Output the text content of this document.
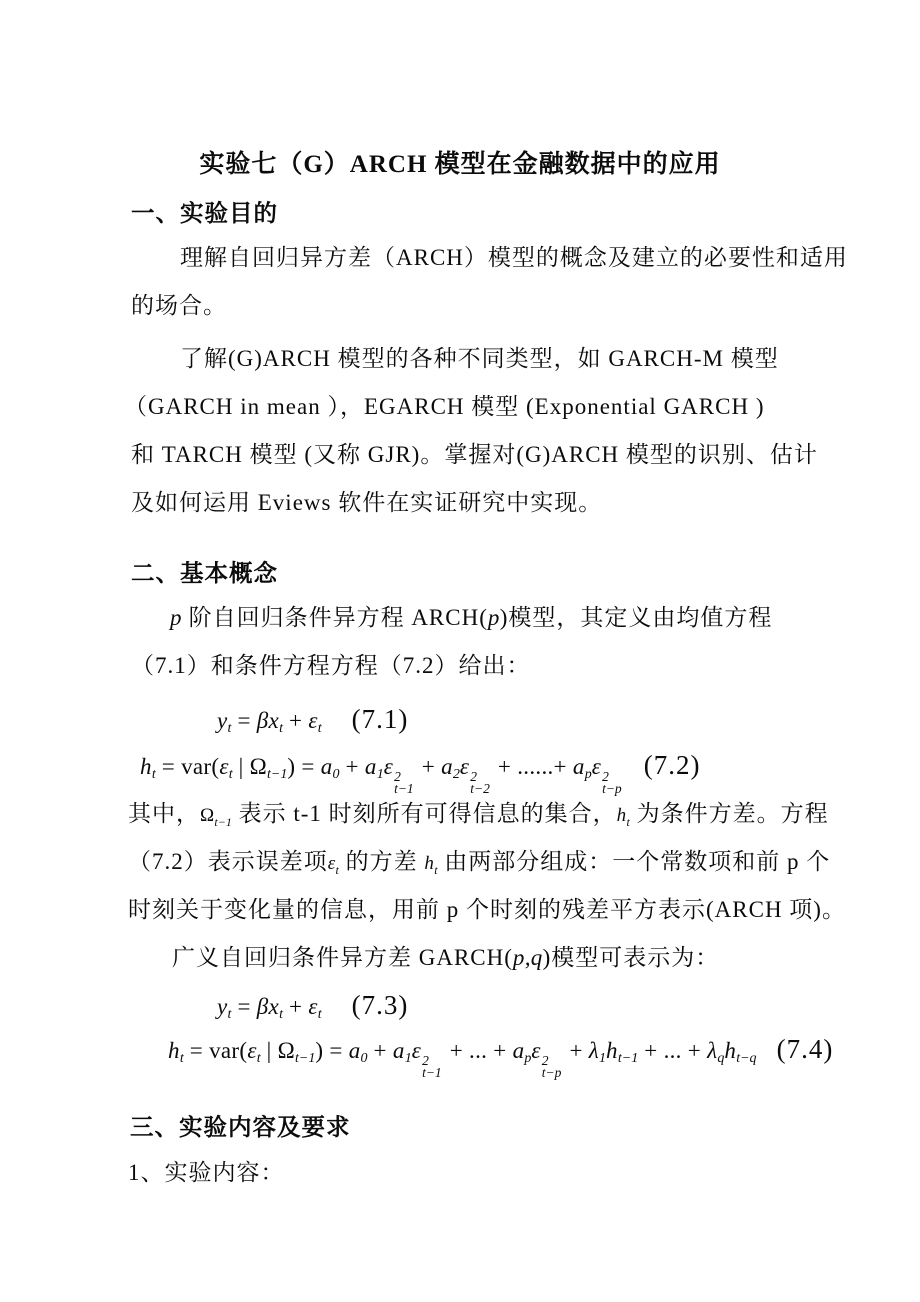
实验七（G）ARCH 模型在金融数据中的应用
一、实验目的
理解自回归异方差（ARCH）模型的概念及建立的必要性和适用
的场合。
了解(G)ARCH 模型的各种不同类型，如 GARCH-M 模型
（GARCH in mean ），EGARCH 模型 (Exponential GARCH )
和 TARCH 模型 (又称 GJR)。掌握对(G)ARCH 模型的识别、估计
及如何运用 Eviews 软件在实证研究中实现。
二、基本概念
p 阶自回归条件异方程 ARCH(p)模型，其定义由均值方程
（7.1）和条件方程方程（7.2）给出：
yt = βxt + εt (7.1)
ht = var(εt | Ωt−1) = a0 + a1ε 2
t−1
+ a2ε 2
t−2
+ ......+ apε 2
t−p
(7.2)
其中，$\Omega_{t-1}$ 表示 t-1 时刻所有可得信息的集合，$h_t$ 为条件方差。方程
（7.2）表示误差项$\varepsilon_t$ 的方差 $h_t$ 由两部分组成：一个常数项和前 p 个
时刻关于变化量的信息，用前 p 个时刻的残差平方表示(ARCH 项)。
广义自回归条件异方差 GARCH(p,q)模型可表示为：
yt = βxt + εt (7.3)
ht = var(εt | Ωt−1) = a0 + a1ε 2
t−1
+ ... + apε 2
t−p
+ λ1ht−1 + ... + λqht−q (7.4)
三、实验内容及要求
1、实验内容：
